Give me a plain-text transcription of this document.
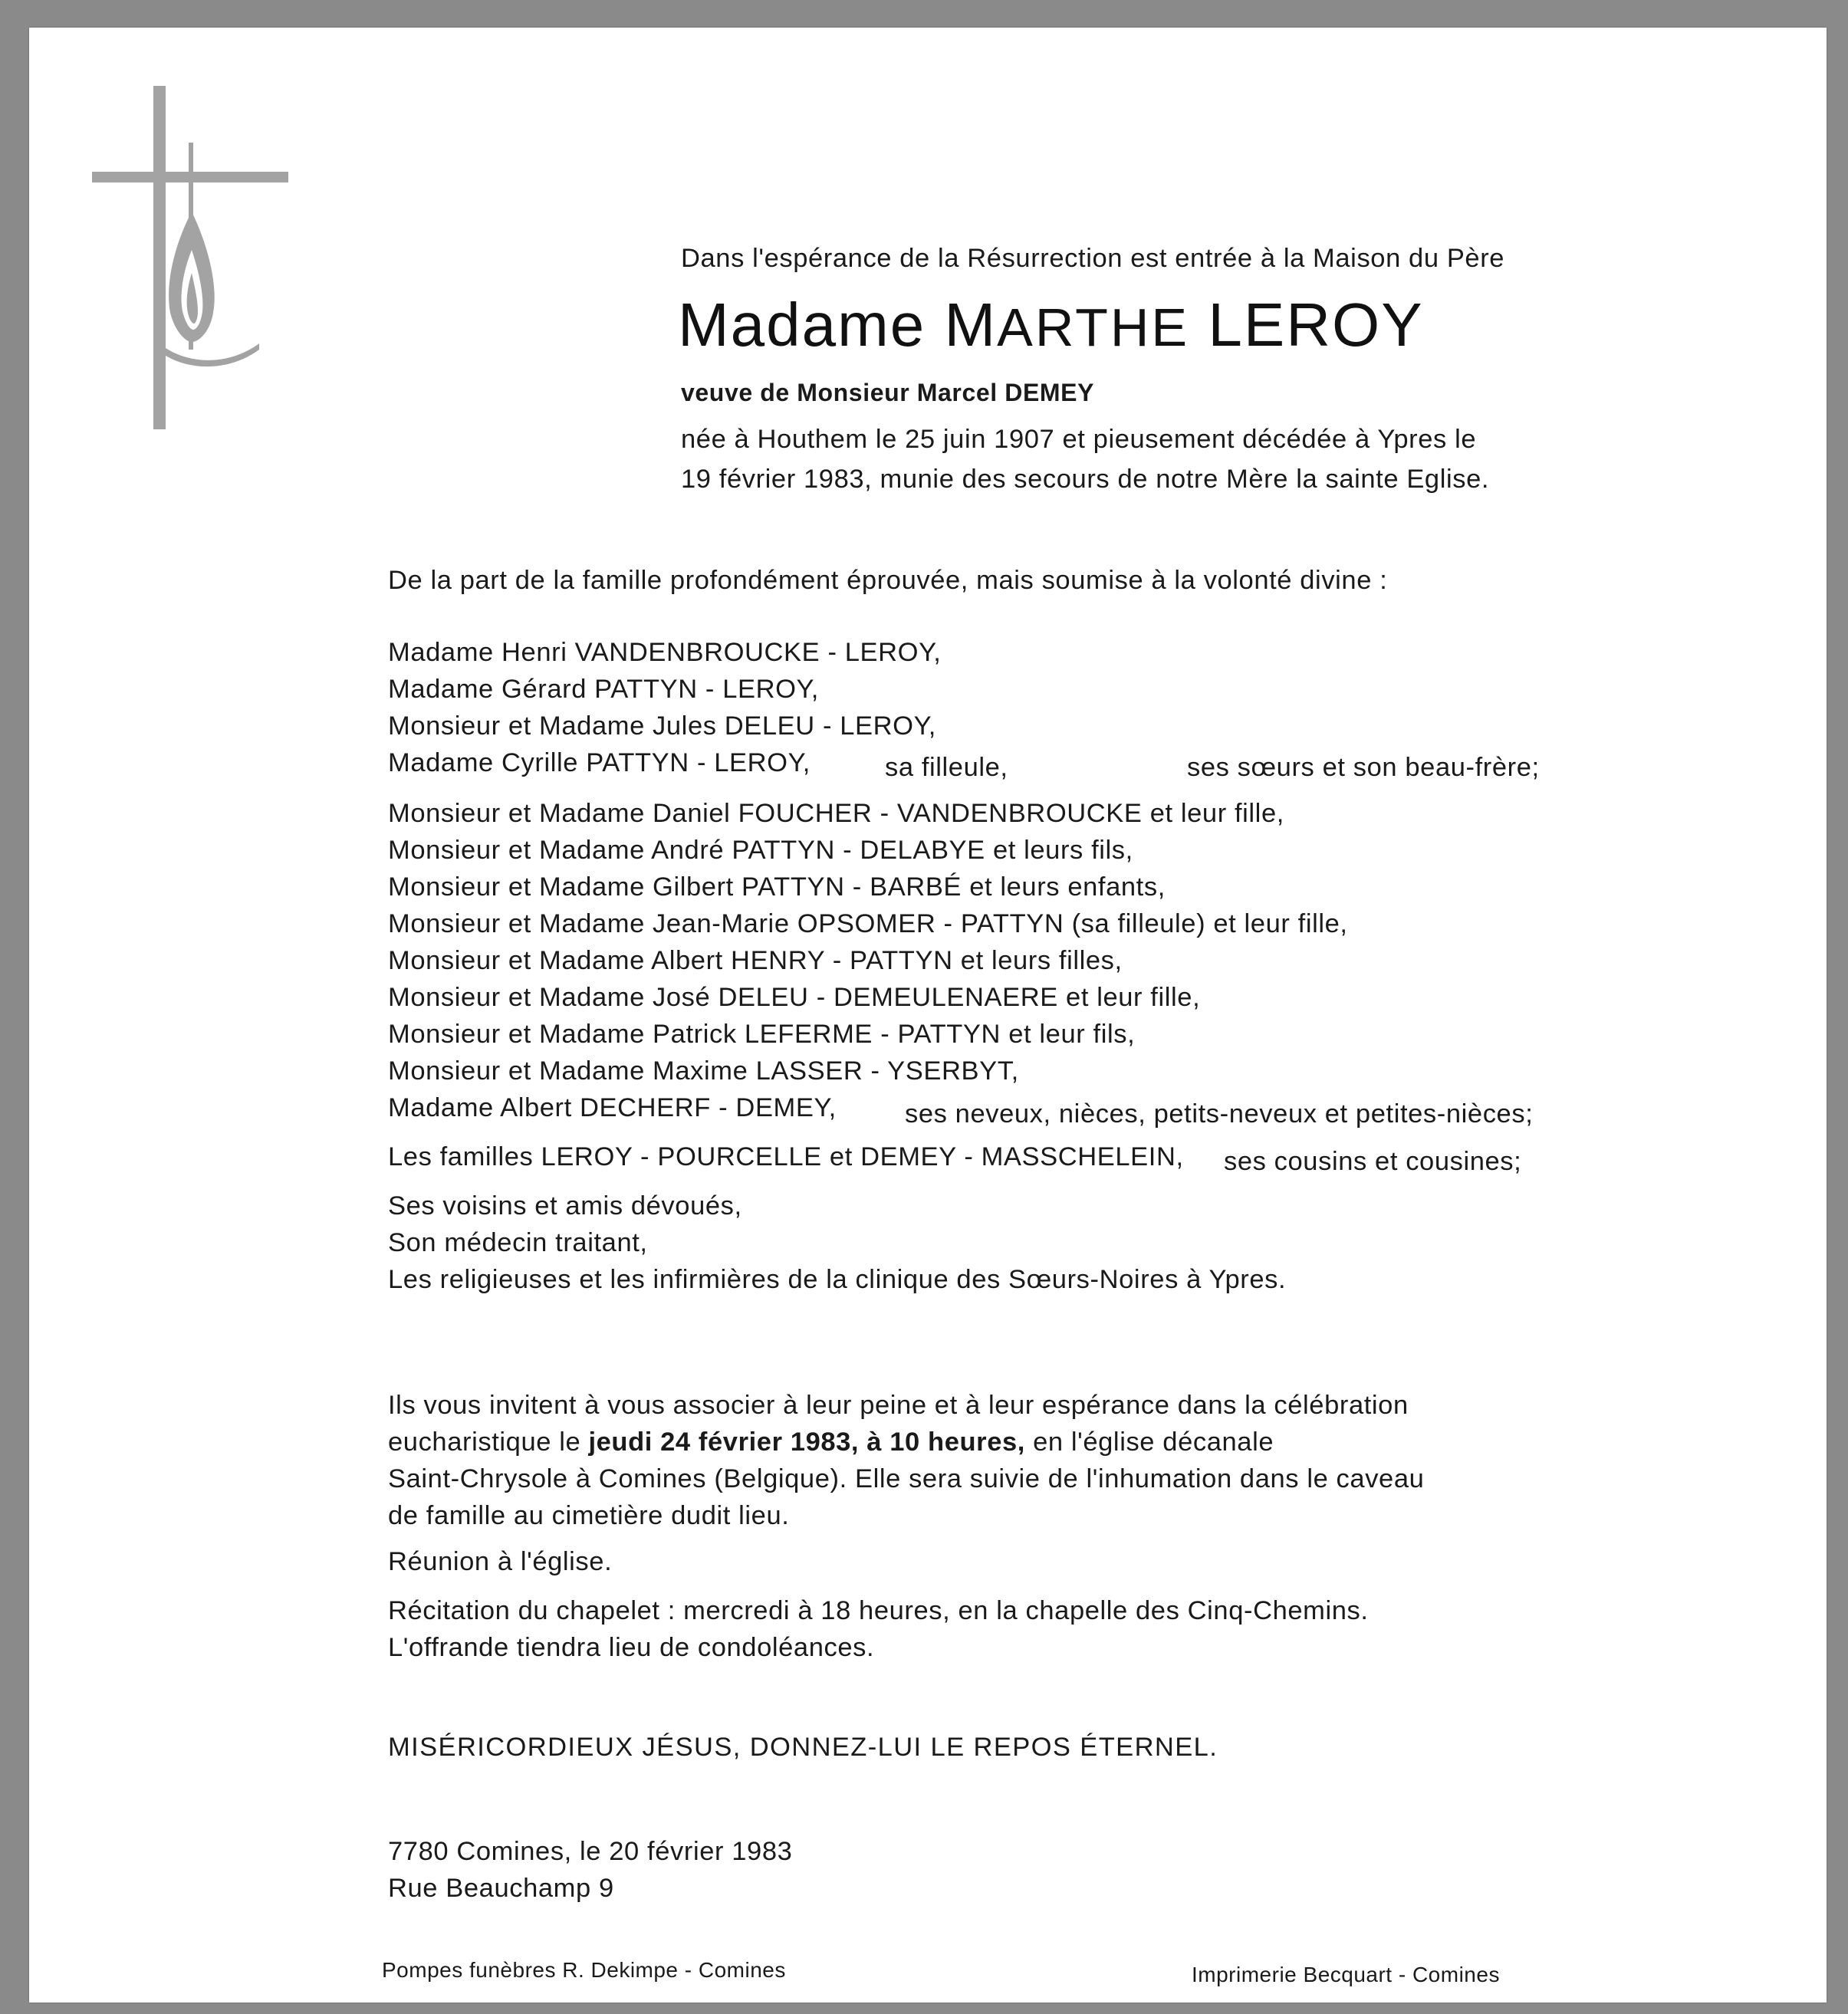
Dans l'espérance de la Résurrection est entrée à la Maison du Père
Madame MARTHE LEROY
veuve de Monsieur Marcel DEMEY
née à Houthem le 25 juin 1907 et pieusement décédée à Ypres le
19 février 1983, munie des secours de notre Mère la sainte Eglise.
De la part de la famille profondément éprouvée, mais soumise à la volonté divine :
Madame Henri VANDENBROUCKE - LEROY,
Madame Gérard PATTYN - LEROY,
Monsieur et Madame Jules DELEU - LEROY,
Madame Cyrille PATTYN - LEROY,	sa filleule,	ses sœurs et son beau-frère;
Monsieur et Madame Daniel FOUCHER - VANDENBROUCKE et leur fille,
Monsieur et Madame André PATTYN - DELABYE et leurs fils,
Monsieur et Madame Gilbert PATTYN - BARBÉ et leurs enfants,
Monsieur et Madame Jean-Marie OPSOMER - PATTYN (sa filleule) et leur fille,
Monsieur et Madame Albert HENRY - PATTYN et leurs filles,
Monsieur et Madame José DELEU - DEMEULENAERE et leur fille,
Monsieur et Madame Patrick LEFERME - PATTYN et leur fils,
Monsieur et Madame Maxime LASSER - YSERBYT,
Madame Albert DECHERF - DEMEY,	ses neveux, nièces, petits-neveux et petites-nièces;
Les familles LEROY - POURCELLE et DEMEY - MASSCHELEIN, ses cousins et cousines;
Ses voisins et amis dévoués,
Son médecin traitant,
Les religieuses et les infirmières de la clinique des Sœurs-Noires à Ypres.
Ils vous invitent à vous associer à leur peine et à leur espérance dans la célébration
eucharistique le jeudi 24 février 1983, à 10 heures, en l'église décanale
Saint-Chrysole à Comines (Belgique). Elle sera suivie de l'inhumation dans le caveau
de famille au cimetière dudit lieu.
Réunion à l'église.
Récitation du chapelet : mercredi à 18 heures, en la chapelle des Cinq-Chemins.
L'offrande tiendra lieu de condoléances.
MISÉRICORDIEUX JÉSUS, DONNEZ-LUI LE REPOS ÉTERNEL.
7780 Comines, le 20 février 1983
Rue Beauchamp 9
Pompes funèbres R. Dekimpe - Comines	Imprimerie Becquart - Comines
